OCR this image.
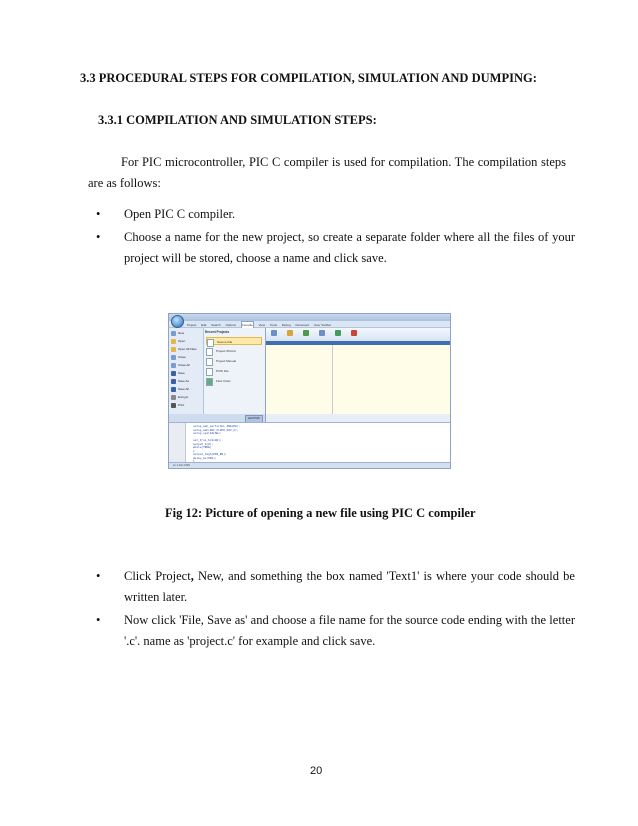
3.3 PROCEDURAL STEPS FOR COMPILATION, SIMULATION AND DUMPING:
3.3.1 COMPILATION AND SIMULATION STEPS:
For PIC microcontroller, PIC C compiler is used for compilation. The compilation steps are as follows:
•	Open PIC C compiler.
•	Choose a name for the new project, so create a separate folder where all the files of your project will be stored, choose a name and click save.
Project Edit Search Options Compile View Tools Debug Document User Toolbar
New
Open
Open All Files
Close
Close All
Save
Save As
Save All
Encrypt
Print
Recent Projects
Source File
Project Wizard
Project Manual
PCW File
Flow Chart
Exit PCW
setup_adc_ports(ALL_ANALOG);
setup_adc(ADC_CLOCK_DIV_2);
setup_spi(FALSE);
set_tris_b(0x00);
output_b(0);
while(TRUE)
{
output_high(PIN_B0);
delay_ms(500);
Ln 1 Col 1 INS
Fig 12: Picture of opening a new file using PIC C compiler
•	Click Project, New, and something the box named 'Text1' is where your code should be written later.
•	Now click 'File, Save as' and choose a file name for the source code ending with the letter '.c'. name as 'project.c' for example and click save.
20
